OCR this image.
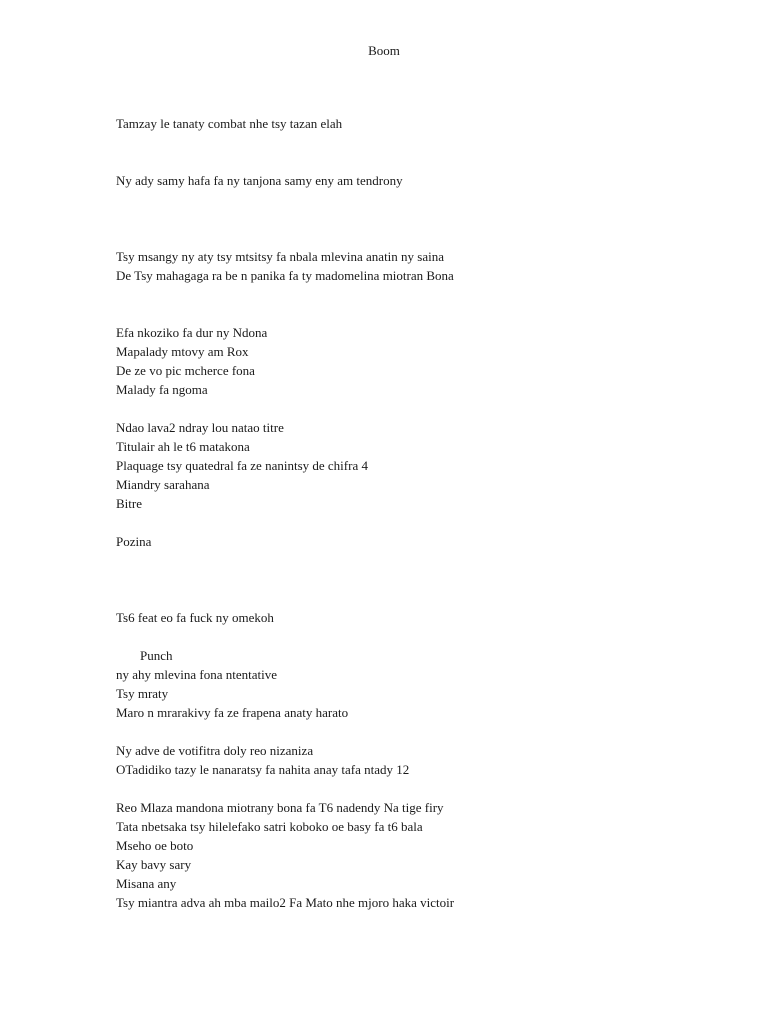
Boom
Tamzay le tanaty combat nhe tsy tazan elah
Ny ady samy hafa fa ny tanjona samy eny am tendrony
Tsy msangy ny aty tsy mtsitsy fa nbala mlevina anatin ny saina
De Tsy mahagaga ra be n panika fa ty madomelina miotran Bona
Efa nkoziko fa dur ny Ndona
Mapalady mtovy am Rox
De ze vo pic mcherce fona
Malady fa ngoma
Ndao lava2 ndray lou natao titre
Titulair ah le t6 matakona
Plaquage tsy quatedral fa ze nanintsy de chifra 4
Miandry sarahana
Bitre
Pozina
Ts6 feat eo fa fuck ny omekoh
Punch
ny ahy mlevina fona ntentative
Tsy mraty
Maro n mrarakivy fa ze frapena anaty harato
Ny adve de votifitra doly reo nizaniza
OTadidiko tazy le nanaratsy fa nahita anay tafa ntady 12
Reo Mlaza mandona miotrany bona fa T6 nadendy Na tige firy
Tata nbetsaka tsy hilelefako satri koboko oe basy fa t6 bala
Mseho oe boto
Kay bavy sary
Misana any
Tsy miantra adva ah mba mailo2 Fa Mato nhe mjoro haka victoir
